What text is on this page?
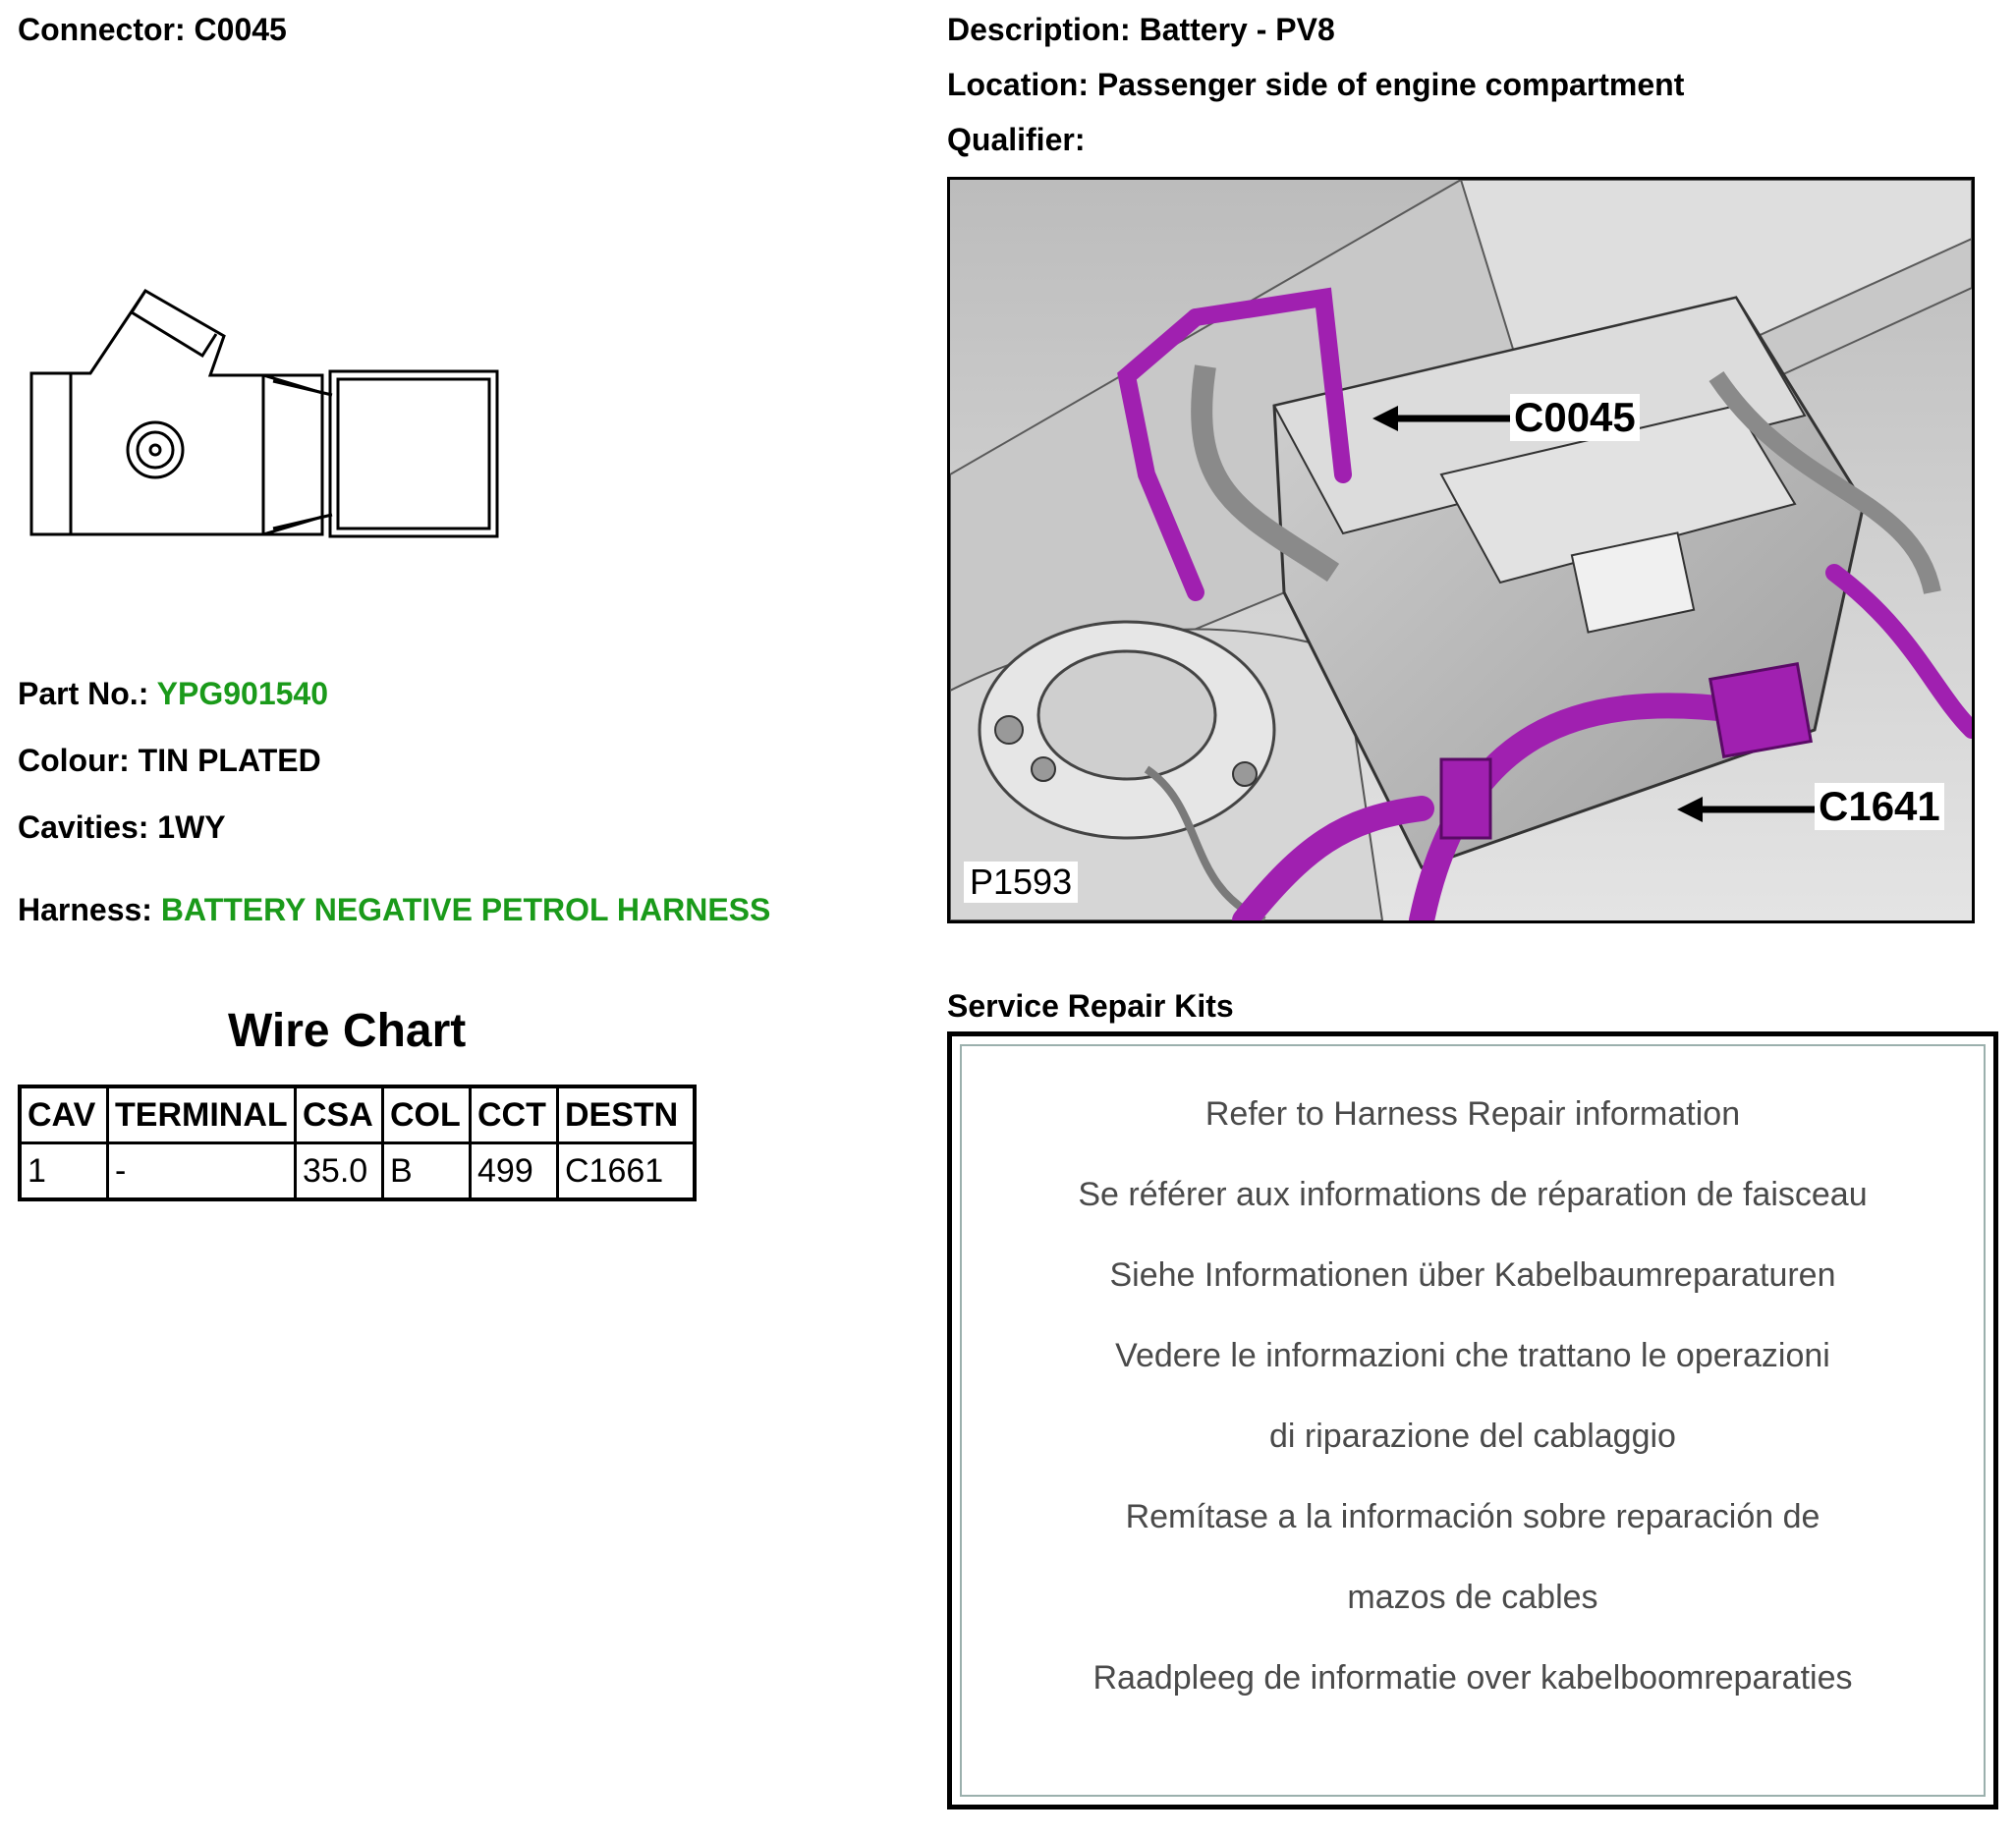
Connector: C0045
Part No.: YPG901540
Colour: TIN PLATED
Cavities: 1WY
Harness: BATTERY NEGATIVE PETROL HARNESS
Wire Chart
CAV	TERMINAL	CSA	COL	CCT	DESTN
1	-	35.0	B	499	C1661
Description: Battery - PV8
Location: Passenger side of engine compartment
Qualifier:
C0045
C1641
P1593
Service Repair Kits
Refer to Harness Repair information
Se référer aux informations de réparation de faisceau
Siehe Informationen über Kabelbaumreparaturen
Vedere le informazioni che trattano le operazioni
di riparazione del cablaggio
Remítase a la información sobre reparación de
mazos de cables
Raadpleeg de informatie over kabelboomreparaties
